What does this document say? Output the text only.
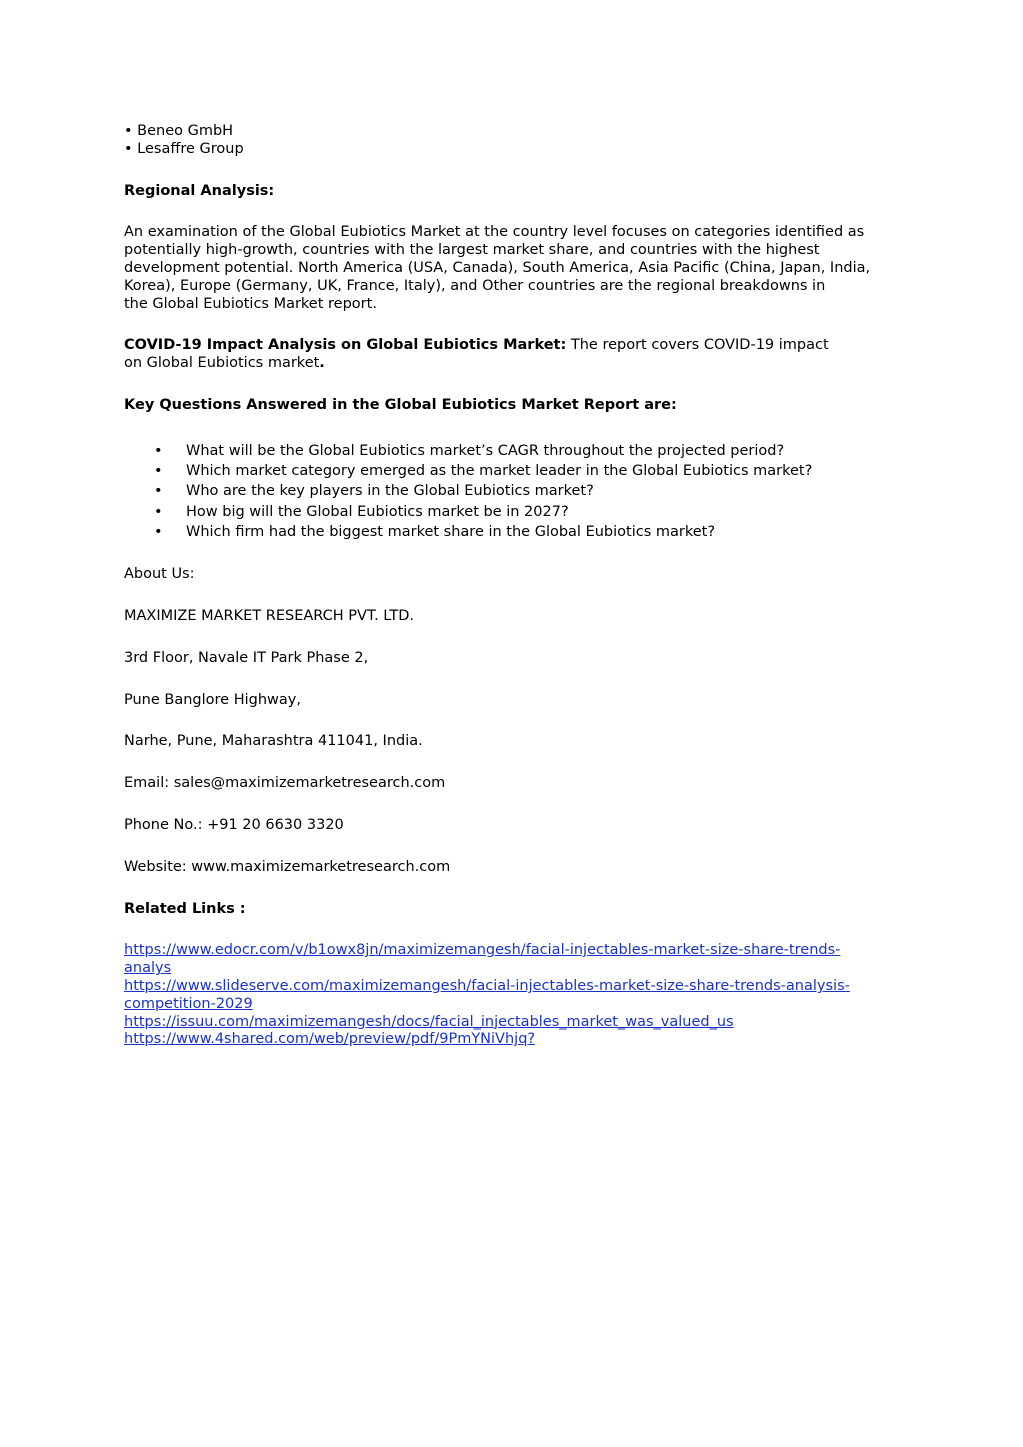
• Beneo GmbH
• Lesaffre Group

Regional Analysis:

An examination of the Global Eubiotics Market at the country level focuses on categories identified as
potentially high-growth, countries with the largest market share, and countries with the highest
development potential. North America (USA, Canada), South America, Asia Pacific (China, Japan, India,
Korea), Europe (Germany, UK, France, Italy), and Other countries are the regional breakdowns in
the Global Eubiotics Market report.
COVID-19 Impact Analysis on Global Eubiotics Market: The report covers COVID-19 impact
on Global Eubiotics market.

Key Questions Answered in the Global Eubiotics Market Report are:

• What will be the Global Eubiotics market’s CAGR throughout the projected period?
• Which market category emerged as the market leader in the Global Eubiotics market?
• Who are the key players in the Global Eubiotics market?
• How big will the Global Eubiotics market be in 2027?
• Which firm had the biggest market share in the Global Eubiotics market?

About Us:

MAXIMIZE MARKET RESEARCH PVT. LTD.

3rd Floor, Navale IT Park Phase 2,

Pune Banglore Highway,

Narhe, Pune, Maharashtra 411041, India.

Email: sales@maximizemarketresearch.com

Phone No.: +91 20 6630 3320

Website: www.maximizemarketresearch.com

Related Links :

https://www.edocr.com/v/b1owx8jn/maximizemangesh/facial-injectables-market-size-share-trends-
analys
https://www.slideserve.com/maximizemangesh/facial-injectables-market-size-share-trends-analysis-
competition-2029
https://issuu.com/maximizemangesh/docs/facial_injectables_market_was_valued_us
https://www.4shared.com/web/preview/pdf/9PmYNiVhjq?
